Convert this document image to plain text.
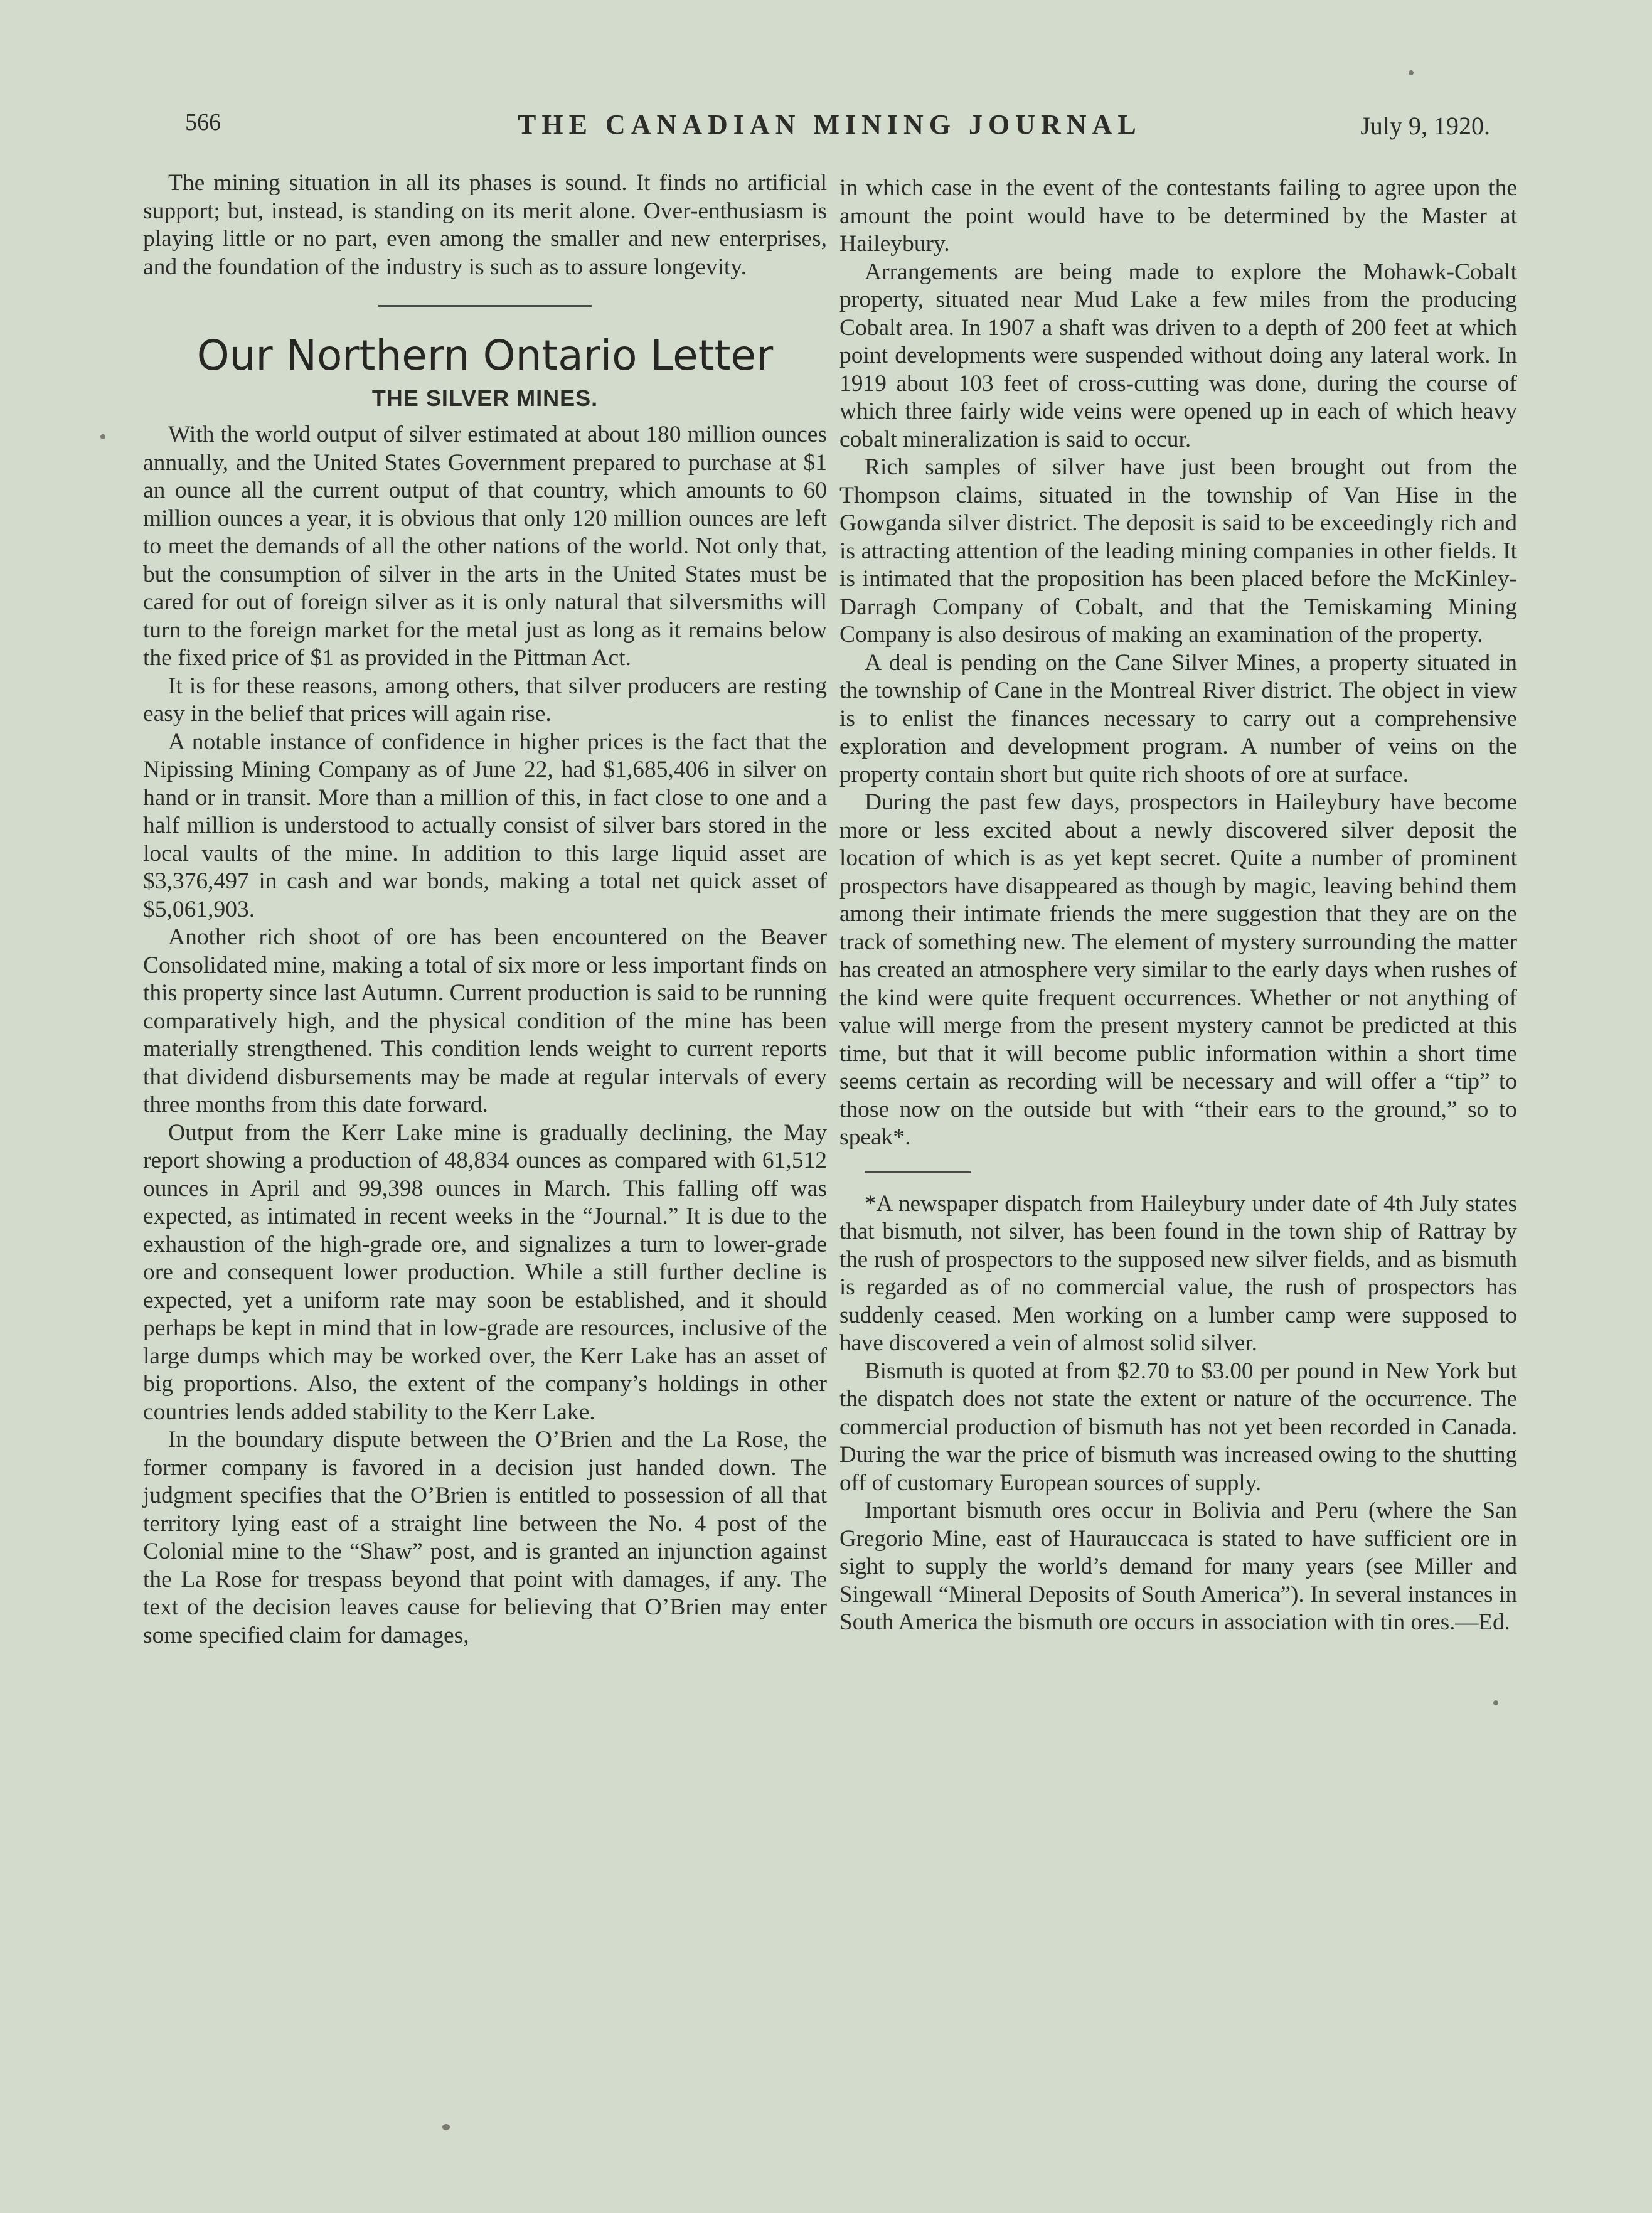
566	THE CANADIAN MINING JOURNAL	July 9, 1920.

The mining situation in all its phases is sound. It finds no artificial support; but, instead, is standing on its merit alone. Over-enthusiasm is playing little or no part, even among the smaller and new enterprises, and the foundation of the industry is such as to assure longevity.

Our Northern Ontario Letter
THE SILVER MINES.

With the world output of silver estimated at about 180 million ounces annually, and the United States Government prepared to purchase at $1 an ounce all the current output of that country, which amounts to 60 million ounces a year, it is obvious that only 120 million ounces are left to meet the demands of all the other nations of the world. Not only that, but the consumption of silver in the arts in the United States must be cared for out of foreign silver as it is only natural that silversmiths will turn to the foreign market for the metal just as long as it remains below the fixed price of $1 as provided in the Pittman Act.

It is for these reasons, among others, that silver producers are resting easy in the belief that prices will again rise.

A notable instance of confidence in higher prices is the fact that the Nipissing Mining Company as of June 22, had $1,685,406 in silver on hand or in transit. More than a million of this, in fact close to one and a half million is understood to actually consist of silver bars stored in the local vaults of the mine. In addition to this large liquid asset are $3,376,497 in cash and war bonds, making a total net quick asset of $5,061,903.

Another rich shoot of ore has been encountered on the Beaver Consolidated mine, making a total of six more or less important finds on this property since last Autumn. Current production is said to be running comparatively high, and the physical condition of the mine has been materially strengthened. This condition lends weight to current reports that dividend disbursements may be made at regular intervals of every three months from this date forward.

Output from the Kerr Lake mine is gradually declining, the May report showing a production of 48,834 ounces as compared with 61,512 ounces in April and 99,398 ounces in March. This falling off was expected, as intimated in recent weeks in the “Journal.” It is due to the exhaustion of the high-grade ore, and signalizes a turn to lower-grade ore and consequent lower production. While a still further decline is expected, yet a uniform rate may soon be established, and it should perhaps be kept in mind that in low-grade are resources, inclusive of the large dumps which may be worked over, the Kerr Lake has an asset of big proportions. Also, the extent of the company’s holdings in other countries lends added stability to the Kerr Lake.

In the boundary dispute between the O’Brien and the La Rose, the former company is favored in a decision just handed down. The judgment specifies that the O’Brien is entitled to possession of all that territory lying east of a straight line between the No. 4 post of the Colonial mine to the “Shaw” post, and is granted an injunction against the La Rose for trespass beyond that point with damages, if any. The text of the decision leaves cause for believing that O’Brien may enter some specified claim for damages,

in which case in the event of the contestants failing to agree upon the amount the point would have to be determined by the Master at Haileybury.

Arrangements are being made to explore the Mohawk-Cobalt property, situated near Mud Lake a few miles from the producing Cobalt area. In 1907 a shaft was driven to a depth of 200 feet at which point developments were suspended without doing any lateral work. In 1919 about 103 feet of cross-cutting was done, during the course of which three fairly wide veins were opened up in each of which heavy cobalt mineralization is said to occur.

Rich samples of silver have just been brought out from the Thompson claims, situated in the township of Van Hise in the Gowganda silver district. The deposit is said to be exceedingly rich and is attracting attention of the leading mining companies in other fields. It is intimated that the proposition has been placed before the McKinley-Darragh Company of Cobalt, and that the Temiskaming Mining Company is also desirous of making an examination of the property.

A deal is pending on the Cane Silver Mines, a property situated in the township of Cane in the Montreal River district. The object in view is to enlist the finances necessary to carry out a comprehensive exploration and development program. A number of veins on the property contain short but quite rich shoots of ore at surface.

During the past few days, prospectors in Haileybury have become more or less excited about a newly discovered silver deposit the location of which is as yet kept secret. Quite a number of prominent prospectors have disappeared as though by magic, leaving behind them among their intimate friends the mere suggestion that they are on the track of something new. The element of mystery surrounding the matter has created an atmosphere very similar to the early days when rushes of the kind were quite frequent occurrences. Whether or not anything of value will merge from the present mystery cannot be predicted at this time, but that it will become public information within a short time seems certain as recording will be necessary and will offer a “tip” to those now on the outside but with “their ears to the ground,” so to speak*.

*A newspaper dispatch from Haileybury under date of 4th July states that bismuth, not silver, has been found in the town ship of Rattray by the rush of prospectors to the supposed new silver fields, and as bismuth is regarded as of no commercial value, the rush of prospectors has suddenly ceased. Men working on a lumber camp were supposed to have discovered a vein of almost solid silver.

Bismuth is quoted at from $2.70 to $3.00 per pound in New York but the dispatch does not state the extent or nature of the occurrence. The commercial production of bismuth has not yet been recorded in Canada. During the war the price of bismuth was increased owing to the shutting off of customary European sources of supply.

Important bismuth ores occur in Bolivia and Peru (where the San Gregorio Mine, east of Haurauccaca is stated to have sufficient ore in sight to supply the world’s demand for many years (see Miller and Singewall “Mineral Deposits of South America”). In several instances in South America the bismuth ore occurs in association with tin ores.—Ed.
